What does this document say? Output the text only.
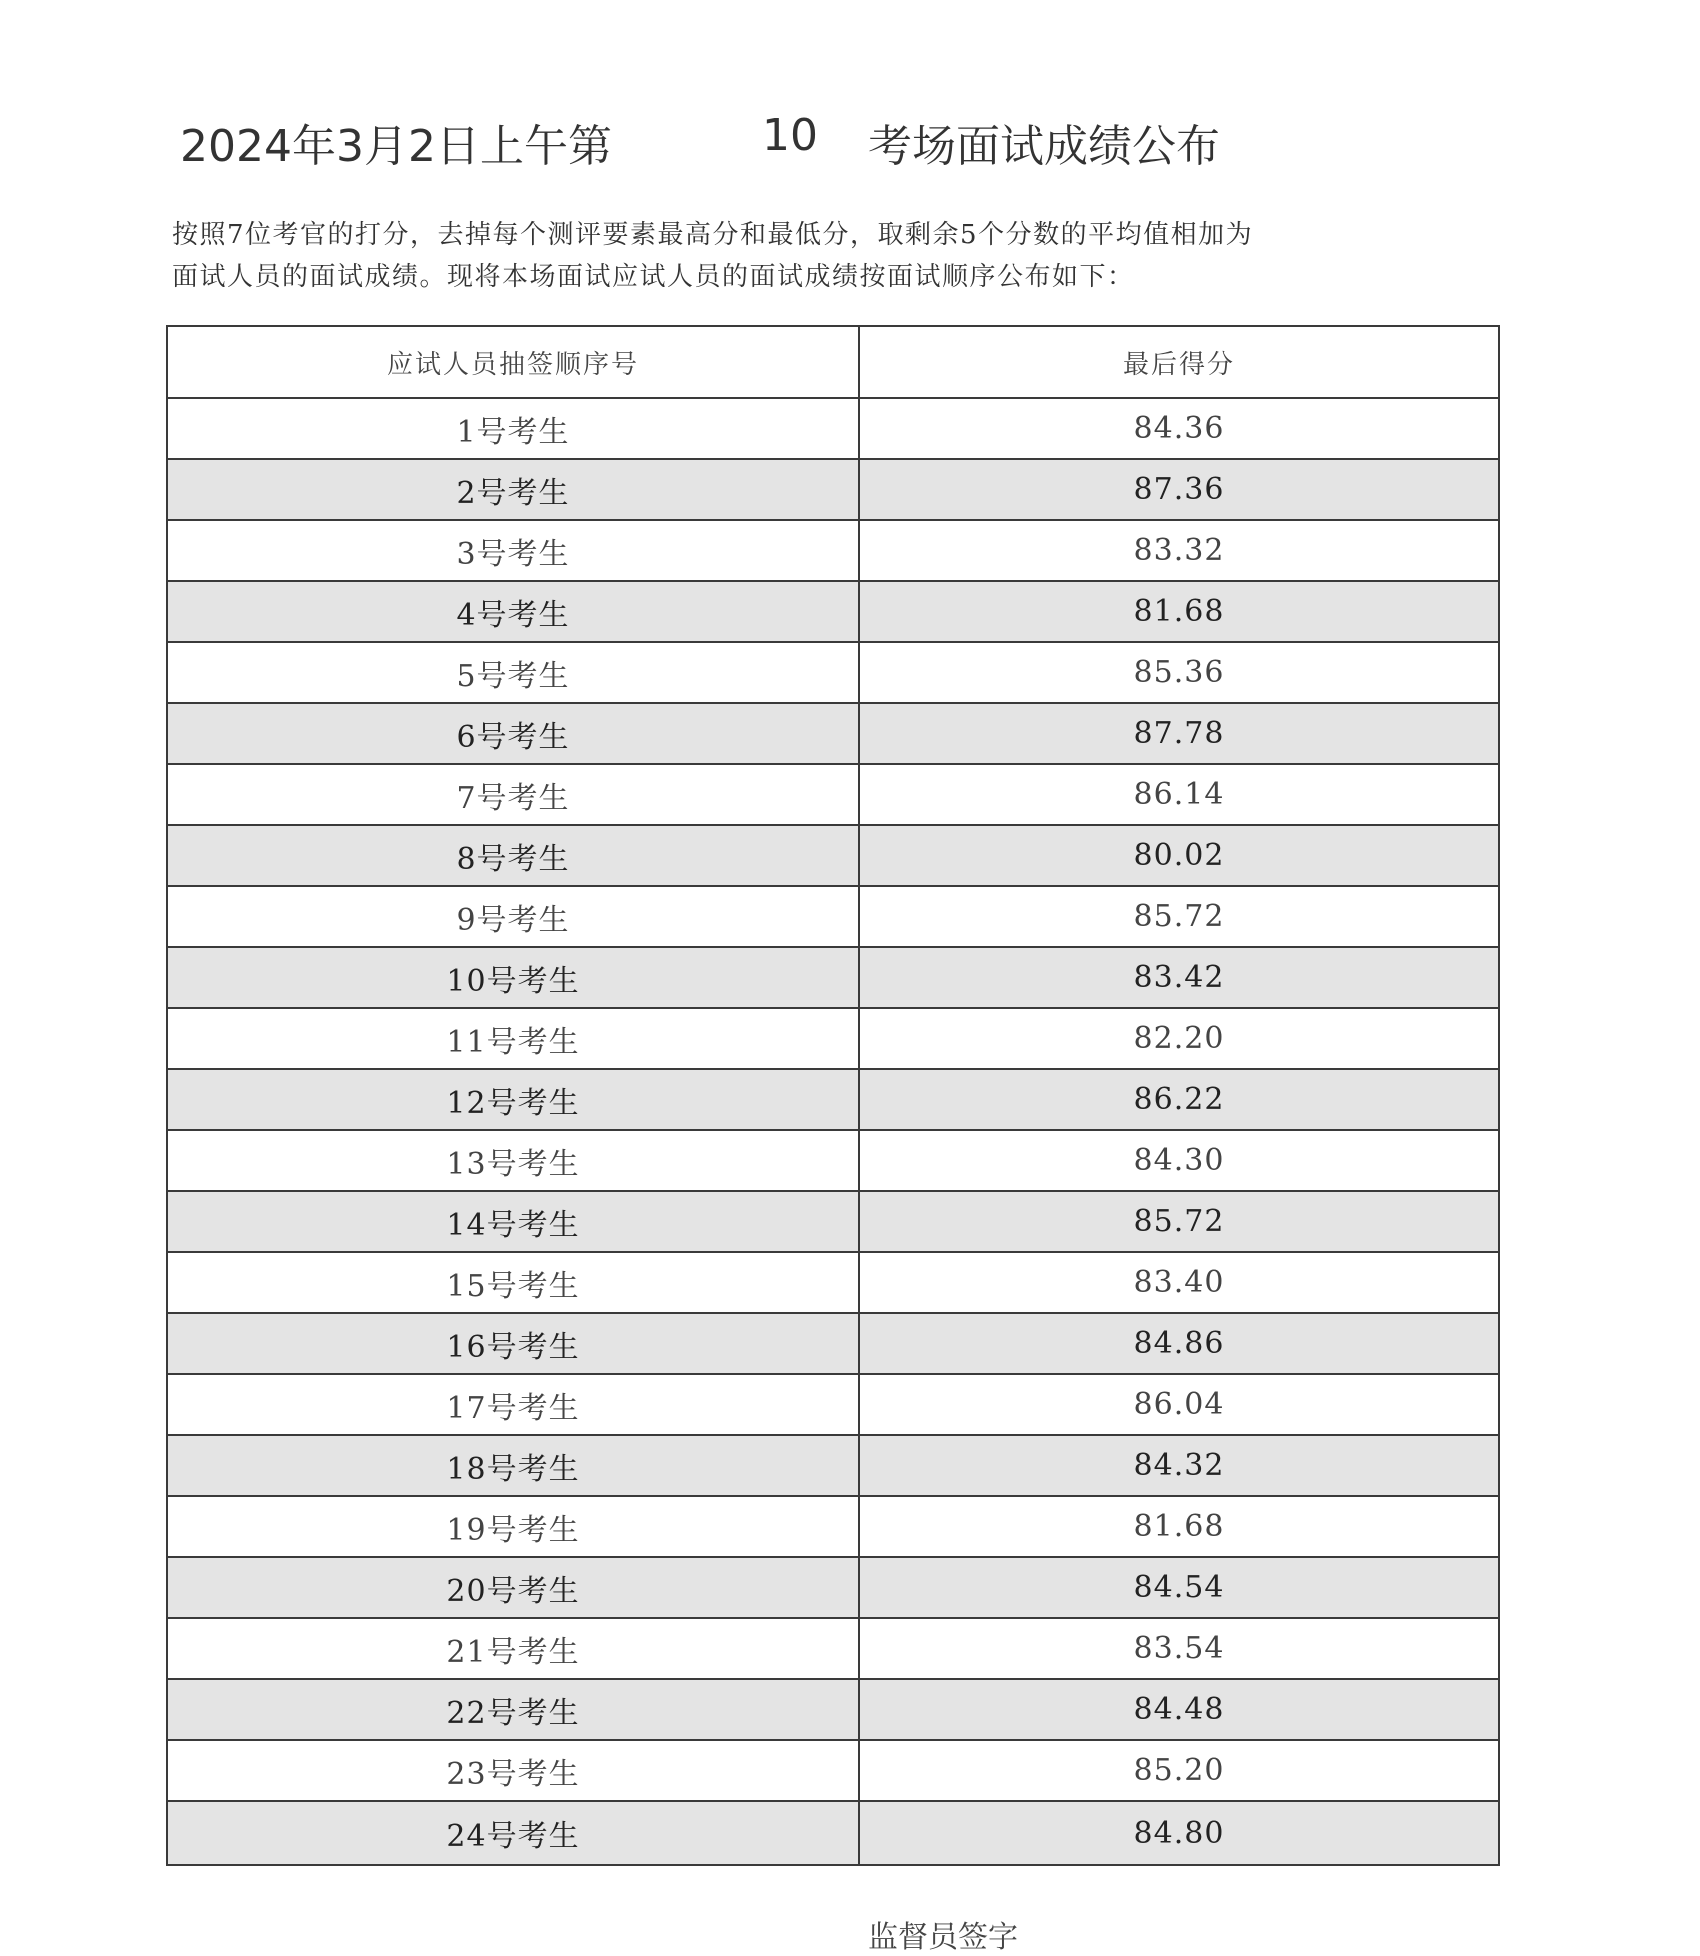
2024年3月2日上午第	10 考场面试成绩公布

按照7位考官的打分，去掉每个测评要素最高分和最低分，取剩余5个分数的平均值相加为

面试人员的面试成绩。现将本场面试应试人员的面试成绩按面试顺序公布如下：

应试人员抽签顺序号	最后得分
1号考生	84.36
2号考生	87.36
3号考生	83.32
4号考生	81.68
5号考生	85.36
6号考生	87.78
7号考生	86.14
8号考生	80.02
9号考生	85.72
10号考生	83.42
11号考生	82.20
12号考生	86.22
13号考生	84.30
14号考生	85.72
15号考生	83.40
16号考生	84.86
17号考生	86.04
18号考生	84.32
19号考生	81.68
20号考生	84.54
21号考生	83.54
22号考生	84.48
23号考生	85.20
24号考生	84.80
监督员签字
